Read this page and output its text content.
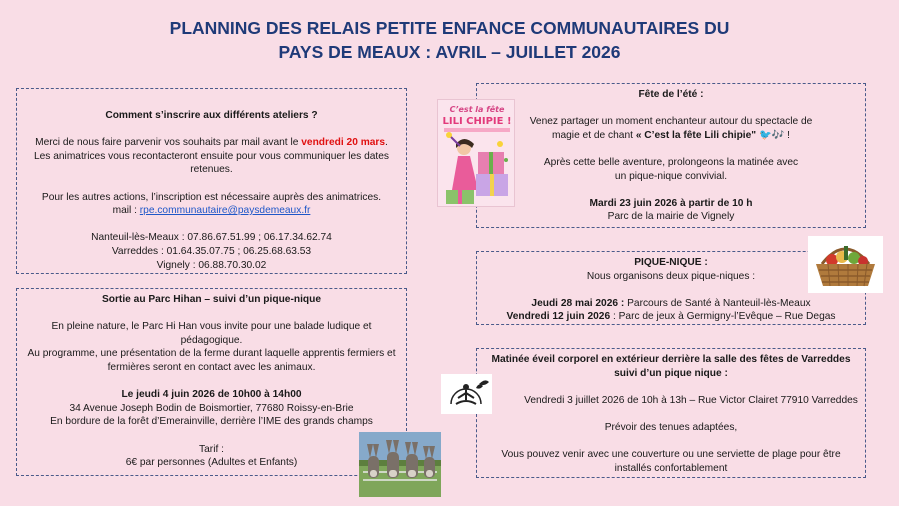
PLANNING DES RELAIS PETITE ENFANCE COMMUNAUTAIRES DU
PAYS DE MEAUX : AVRIL – JUILLET 2026

Comment s’inscrire aux différents ateliers ?

Merci de nous faire parvenir vos souhaits par mail avant le vendredi 20 mars.

Les animatrices vous recontacteront ensuite pour vous communiquer les dates retenues.

Pour les autres actions, l’inscription est nécessaire auprès des animatrices.

mail : rpe.communautaire@paysdemeaux.fr

Nanteuil-lès-Meaux : 07.86.67.51.99 ; 06.17.34.62.74

Varreddes : 01.64.35.07.75 ; 06.25.68.63.53

Vignely : 06.88.70.30.02

Sortie au Parc Hihan – suivi d’un pique-nique

En pleine nature, le Parc Hi Han vous invite pour une balade ludique et pédagogique.

Au programme, une présentation de la ferme durant laquelle apprentis fermiers et fermières seront en contact avec les animaux.

Le jeudi 4 juin 2026 de 10h00 à 14h00

34 Avenue Joseph Bodin de Boismortier, 77680 Roissy-en-Brie

En bordure de la forêt d’Emerainville, derrière l’IME des grands champs

Tarif :

6€ par personnes (Adultes et Enfants)

Fête de l’été :

Venez partager un moment enchanteur autour du spectacle de magie et de chant « C’est la fête Lili chipie" 🐦🎶 !

Après cette belle aventure, prolongeons la matinée avec un pique-nique convivial.

Mardi 23 juin 2026 à partir de 10 h

Parc de la mairie de Vignely

PIQUE-NIQUE :

Nous organisons deux pique-niques :

Jeudi 28 mai 2026 : Parcours de Santé à Nanteuil-lès-Meaux

Vendredi 12 juin 2026 : Parc de jeux à Germigny-l’Evêque – Rue Degas

Matinée éveil corporel en extérieur derrière la salle des fêtes de Varreddes suivi d’un pique nique :

Vendredi 3 juillet 2026 de 10h à 13h – Rue Victor Clairet 77910 Varreddes

Prévoir des tenues adaptées,

Vous pouvez venir avec une couverture ou une serviette de plage pour être installés confortablement

C’est la fête
LILI CHIPIE !
